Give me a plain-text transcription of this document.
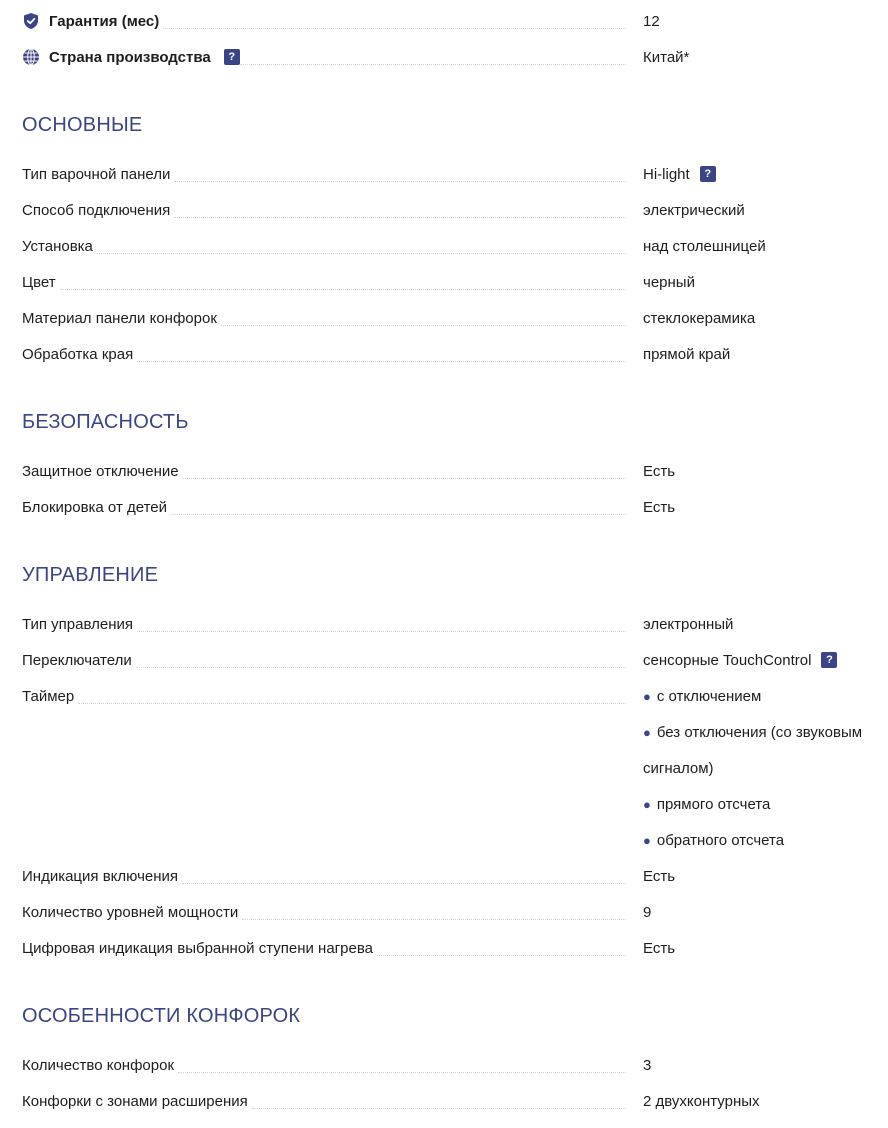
Гарантия (мес)	12
Страна производства	?	Китай*
ОСНОВНЫЕ
Тип варочной панели	Hi-light	?
Способ подключения	электрический
Установка	над столешницей
Цвет	черный
Материал панели конфорок	стеклокерамика
Обработка края	прямой край
БЕЗОПАСНОСТЬ
Защитное отключение	Есть
Блокировка от детей	Есть
УПРАВЛЕНИЕ
Тип управления	электронный
Переключатели	сенсорные TouchControl	?
Таймер	● с отключением
● без отключения (со звуковым
сигналом)
● прямого отсчета
● обратного отсчета
Индикация включения	Есть
Количество уровней мощности	9
Цифровая индикация выбранной ступени нагрева	Есть
ОСОБЕННОСТИ КОНФОРОК
Количество конфорок	3
Конфорки с зонами расширения	2 двухконтурных
